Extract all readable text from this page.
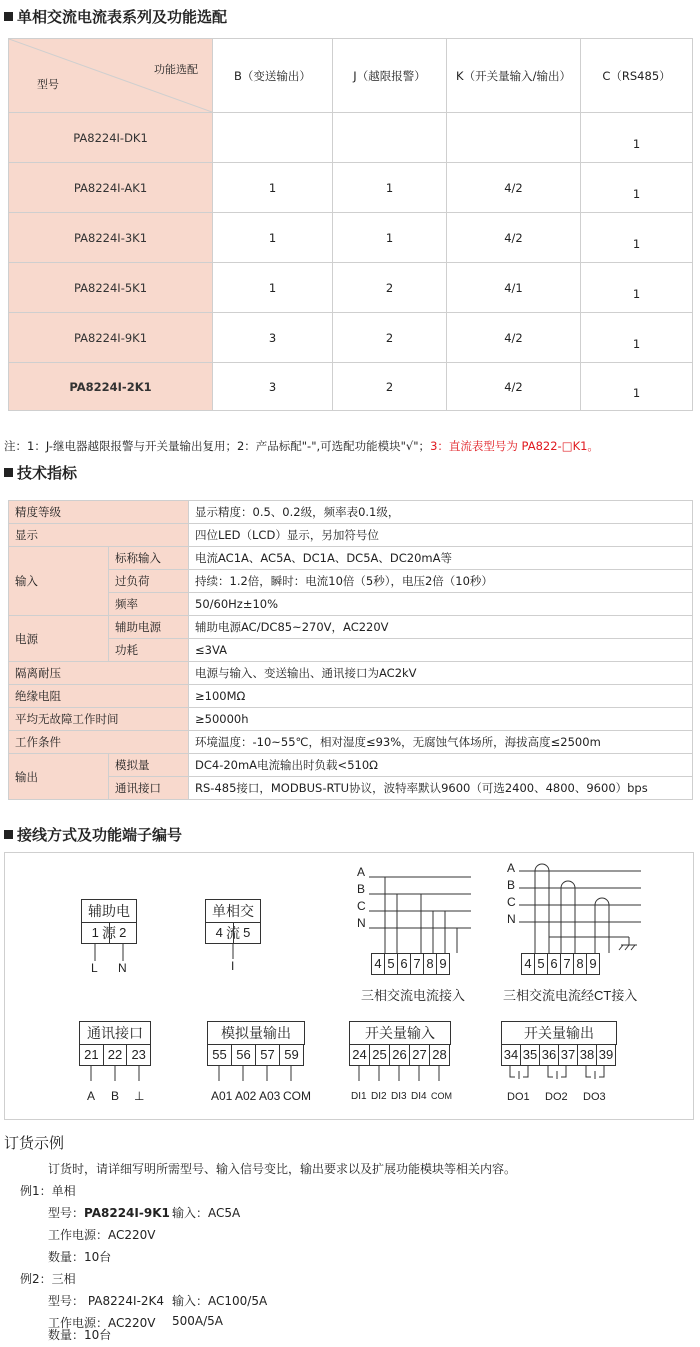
单相交流电流表系列及功能选配
功能选配
型号	B（变送输出）	J（越限报警）	K（开关量输入/输出）	C（RS485）
PA8224I-DK1				1
PA8224I-AK1	1	1	4/2	1
PA8224I-3K1	1	1	4/2	1
PA8224I-5K1	1	2	4/1	1
PA8224I-9K1	3	2	4/2	1
PA8224I-2K1	3	2	4/2	1
注：1：J-继电器越限报警与开关量输出复用；2：产品标配"-",可选配功能模块"√"；3：直流表型号为 PA822-□K1。
技术指标
精度等级		显示精度：0.5、0.2级，频率表0.1级，
显示		四位LED（LCD）显示，另加符号位
输入	标称输入	电流AC1A、AC5A、DC1A、DC5A、DC20mA等
	过负荷	持续：1.2倍，瞬时：电流10倍（5秒），电压2倍（10秒）
	频率	50/60Hz±10%
电源	辅助电源	辅助电源AC/DC85~270V，AC220V
	功耗	≤3VA
隔离耐压		电源与输入、变送输出、通讯接口为AC2kV
绝缘电阻		≥100MΩ
平均无故障工作时间		≥50000h
工作条件		环境温度：-10~55℃，相对湿度≤93%，无腐蚀气体场所，海拔高度≤2500m
输出	模拟量	DC4-20mA电流输出时负载<510Ω
	通讯接口	RS-485接口，MODBUS-RTU协议，波特率默认9600（可选2400、4800、9600）bps
接线方式及功能端子编号
辅助电源
1	2
L N
单相交流
4	5
I
A
B
C
N
4 5 6 7 8 9
三相交流电流接入
A
B
C
N
4 5 6 7 8 9
三相交流电流经CT接入
通讯接口
21 22 23
A B ⊥
模拟量输出
55 56 57 59
A01 A02 A03 COM
开关量输入
24 25 26 27 28
DI1 DI2 DI3 DI4 COM
开关量输出
34 35 36 37 38 39
DO1 DO2 DO3
订货示例
订货时，请详细写明所需型号、输入信号变比，输出要求以及扩展功能模块等相关内容。
例1：单相
型号：PA8224I-9K1 输入：AC5A
工作电源：AC220V
数量：10台
例2：三相
型号： PA8224I-2K4 输入：AC100/5A
工作电源：AC220V 500A/5A
数量：10台
